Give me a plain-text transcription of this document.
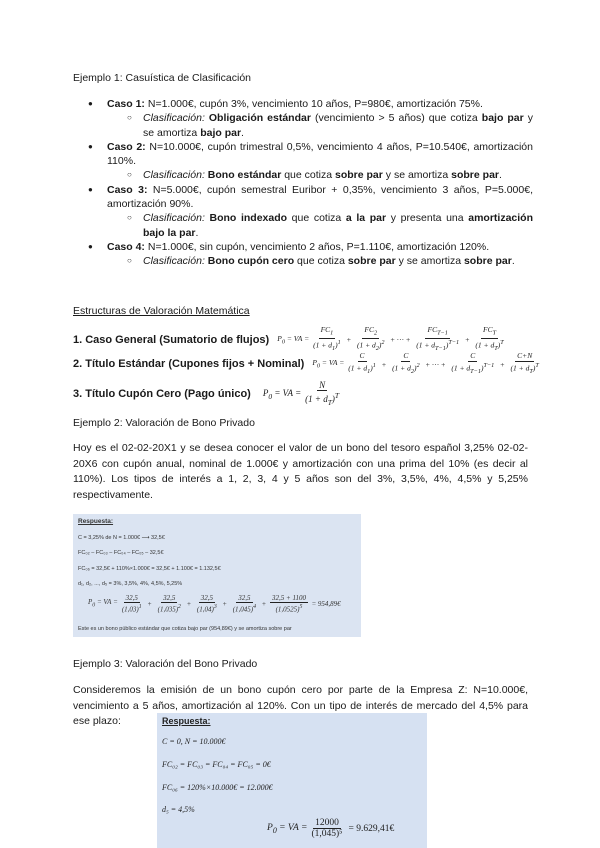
Ejemplo 1: Casuística de Clasificación
● Caso 1: N=1.000€, cupón 3%, vencimiento 10 años, P=980€, amortización 75%.
○ Clasificación: Obligación estándar (vencimiento > 5 años) que cotiza bajo par y se amortiza bajo par.
● Caso 2: N=10.000€, cupón trimestral 0,5%, vencimiento 4 años, P=10.540€, amortización 110%.
○ Clasificación: Bono estándar que cotiza sobre par y se amortiza sobre par.
● Caso 3: N=5.000€, cupón semestral Euribor + 0,35%, vencimiento 3 años, P=5.000€, amortización 90%.
○ Clasificación: Bono indexado que cotiza a la par y presenta una amortización bajo la par.
● Caso 4: N=1.000€, sin cupón, vencimiento 2 años, P=1.110€, amortización 120%.
○ Clasificación: Bono cupón cero que cotiza sobre par y se amortiza sobre par.
Estructuras de Valoración Matemática
1. Caso General (Sumatorio de flujos) $P_0$ = VA = $\frac{FC_1}{(1 + d_1)^1} + \frac{FC_2}{(1 + d_2)^2}$ + ··· + $\frac{FC_{T-1}}{(1 + d_{T-1})^{T-1}} + \frac{FC_T}{(1 + d_T)^T}$
2. Título Estándar (Cupones fijos + Nominal) $P_0$ = VA = $\frac{C}{(1 + d_1)^1} + \frac{C}{(1 + d_2)^2}$ + ··· + $\frac{C}{(1 + d_{T-1})^{T-1}} + \frac{C+N}{(1 + d_T)^T}$
3. Título Cupón Cero (Pago único) $P_0$ = VA = $\frac{N}{(1 + d_T)^T}$
Ejemplo 2: Valoración de Bono Privado
Hoy es el 02-02-20X1 y se desea conocer el valor de un bono del tesoro español 3,25% 02-02-20X6 con cupón anual, nominal de 1.000€ y amortización con una prima del 10% (es decir al 110%). Los tipos de interés a 1, 2, 3, 4 y 5 años son del 3%, 3,5%, 4%, 4,5% y 5,25% respectivamente.
Respuesta:
C = 3,25% de N = 1.000€ ⟶ 32,5€
FC₀₂ – FC₀₃ – FC₀₄ – FC₀₅ – 32,5€
FC₀₆ = 32,5€ + 110%×1.000€ = 32,5€ + 1.100€ = 1.132,5€
d₁, d₂, ..., d₅ = 3%, 3,5%, 4%, 4,5%, 5,25%
$P_0$ = VA = $\frac{32,5}{(1,03)^1} + \frac{32,5}{(1,035)^2} + \frac{32,5}{(1,04)^3} + \frac{32,5}{(1,045)^4} + \frac{32,5 + 1100}{(1,0525)^5}$ = 954,89€
Este es un bono público estándar que cotiza bajo par (954,89€) y se amortiza sobre par
Ejemplo 3: Valoración del Bono Privado
Consideremos la emisión de un bono cupón cero por parte de la Empresa Z: N=10.000€, vencimiento a 5 años, amortización al 120%. Con un tipo de interés de mercado del 4,5% para ese plazo:	Respuesta:
C = 0, N = 10.000€
FC₀₂ = FC₀₃ = FC₀₄ = FC₀₅ = 0€
FC₀₆ = 120%×10.000€ = 12.000€
d₅ = 4,5%
$P_0$ = VA = $\frac{12000}{\text{(1,045)⁵}}$ = 9.629,41€
